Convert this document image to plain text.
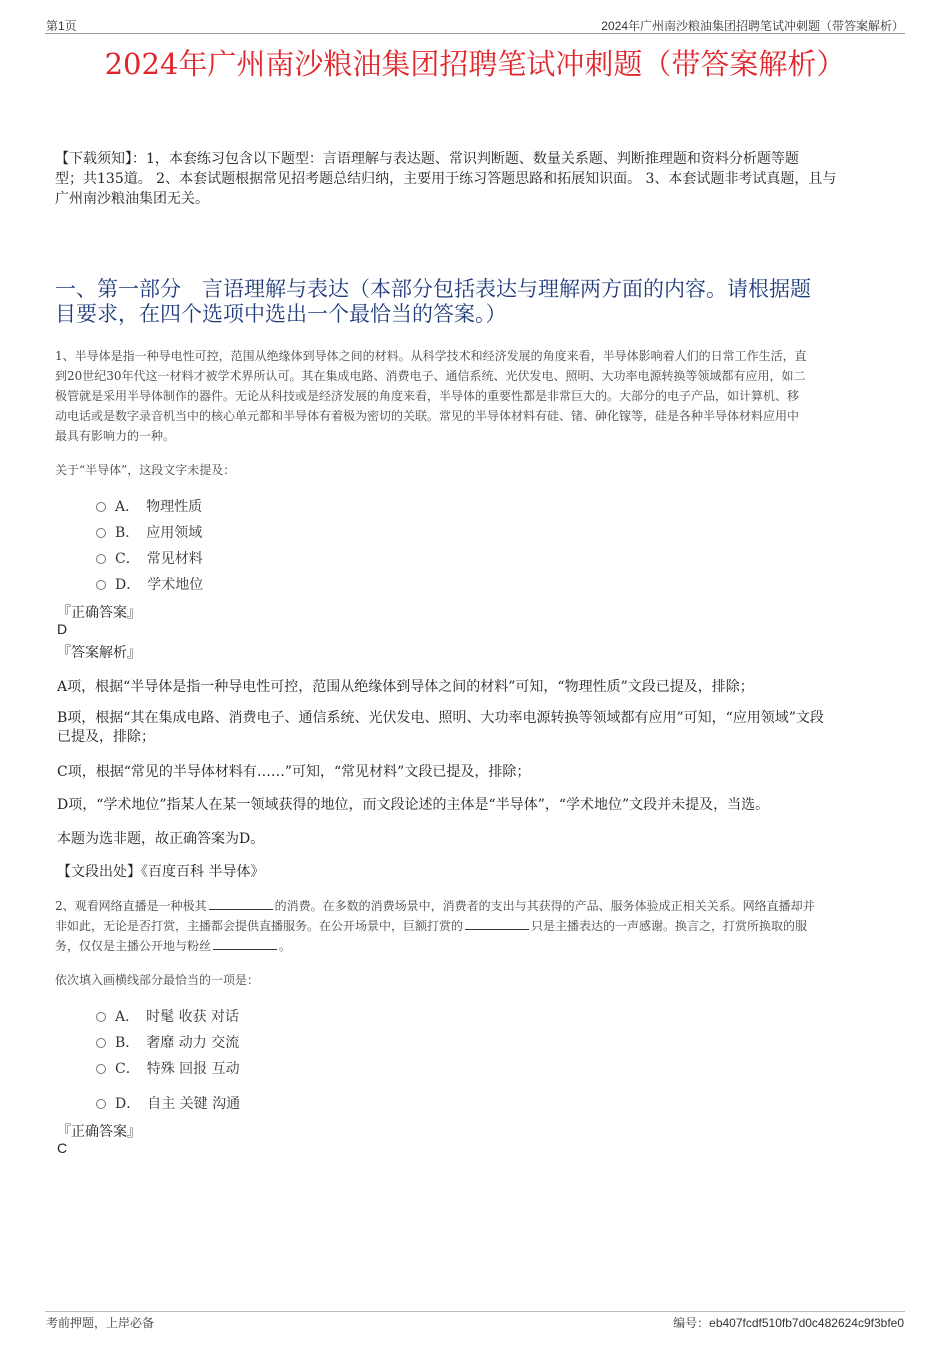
第1页	2024年广州南沙粮油集团招聘笔试冲刺题（带答案解析）
2024年广州南沙粮油集团招聘笔试冲刺题（带答案解析）
【下载须知】：1，本套练习包含以下题型：言语理解与表达题、常识判断题、数量关系题、判断推理题和资料分析题等题
型；共135道。 2、本套试题根据常见招考题总结归纳，主要用于练习答题思路和拓展知识面。 3、本套试题非考试真题，且与
广州南沙粮油集团无关。
一、第一部分　言语理解与表达（本部分包括表达与理解两方面的内容。请根据题
目要求，在四个选项中选出一个最恰当的答案。）
1、半导体是指一种导电性可控，范围从绝缘体到导体之间的材料。从科学技术和经济发展的角度来看，半导体影响着人们的日常工作生活，直
到20世纪30年代这一材料才被学术界所认可。其在集成电路、消费电子、通信系统、光伏发电、照明、大功率电源转换等领域都有应用，如二
极管就是采用半导体制作的器件。无论从科技或是经济发展的角度来看，半导体的重要性都是非常巨大的。大部分的电子产品，如计算机、移
动电话或是数字录音机当中的核心单元都和半导体有着极为密切的关联。常见的半导体材料有硅、锗、砷化镓等，硅是各种半导体材料应用中
最具有影响力的一种。
关于“半导体”，这段文字未提及：
A．　 物理性质
B．　 应用领域
C．　 常见材料
D．　 学术地位
『正确答案』
D
『答案解析』
A项，根据“半导体是指一种导电性可控，范围从绝缘体到导体之间的材料”可知，“物理性质”文段已提及，排除；
B项，根据“其在集成电路、消费电子、通信系统、光伏发电、照明、大功率电源转换等领域都有应用”可知，“应用领域”文段
已提及，排除；
C项，根据“常见的半导体材料有……”可知，“常见材料”文段已提及，排除；
D项，“学术地位”指某人在某一领域获得的地位，而文段论述的主体是“半导体”，“学术地位”文段并未提及，当选。
本题为选非题，故正确答案为D。
【文段出处】《百度百科 半导体》
2、观看网络直播是一种极其	的消费。在多数的消费场景中，消费者的支出与其获得的产品、服务体验成正相关关系。网络直播却并
非如此，无论是否打赏，主播都会提供直播服务。在公开场景中，巨额打赏的	只是主播表达的一声感谢。换言之，打赏所换取的服
务，仅仅是主播公开地与粉丝	。
依次填入画横线部分最恰当的一项是：
A．　 时髦 收获 对话
B．　 奢靡 动力 交流
C．　 特殊 回报 互动
D．　 自主 关键 沟通
『正确答案』
C
考前押题，上岸必备	编号：eb407fcdf510fb7d0c482624c9f3bfe0
